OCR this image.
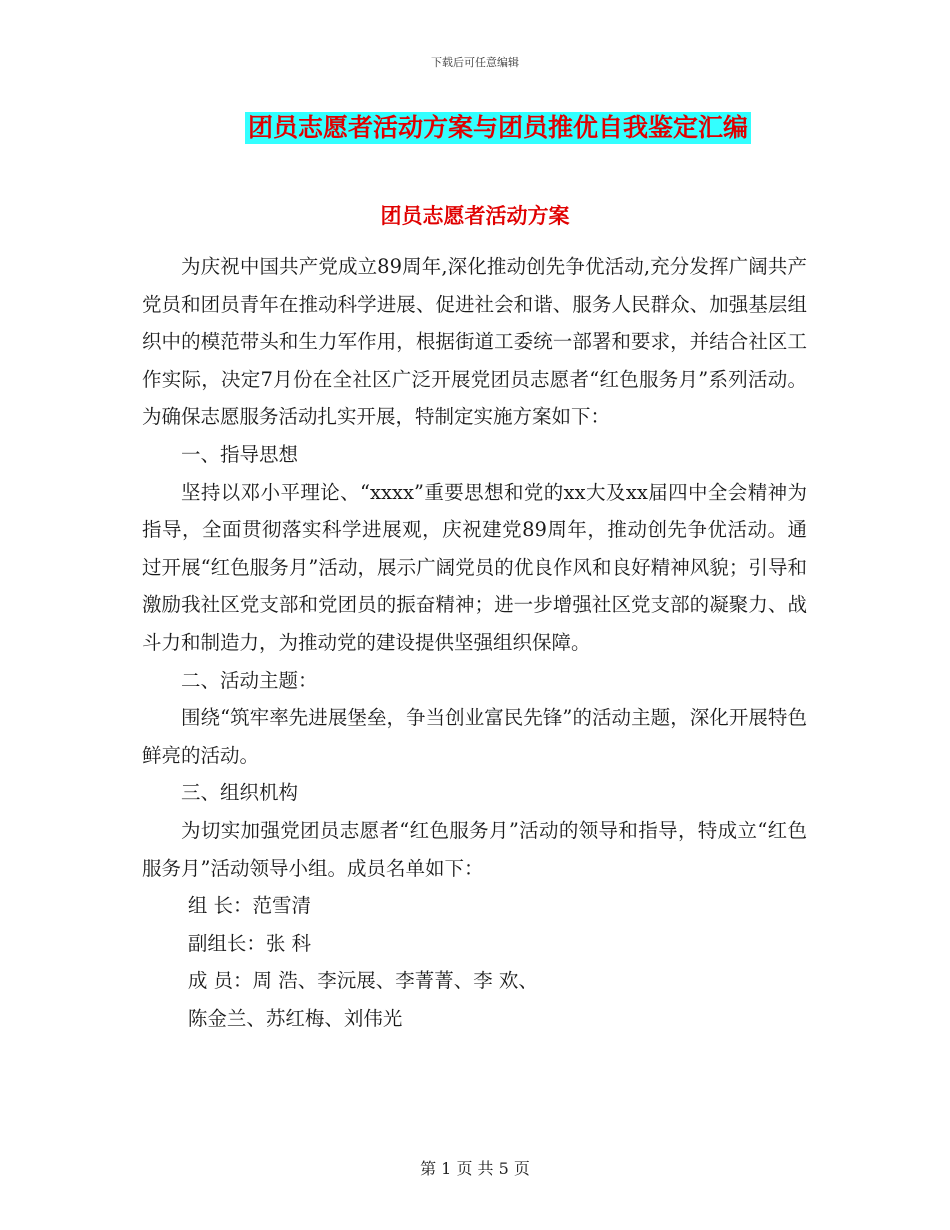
下载后可任意编辑
团员志愿者活动方案与团员推优自我鉴定汇编
团员志愿者活动方案

为庆祝中国共产党成立89周年,深化推动创先争优活动,充分发挥广阔共产党员和团员青年在推动科学进展、促进社会和谐、服务人民群众、加强基层组织中的模范带头和生力军作用，根据街道工委统一部署和要求，并结合社区工作实际，决定7月份在全社区广泛开展党团员志愿者“红色服务月”系列活动。为确保志愿服务活动扎实开展，特制定实施方案如下：

一、指导思想

坚持以邓小平理论、“xxxx”重要思想和党的xx大及xx届四中全会精神为指导，全面贯彻落实科学进展观，庆祝建党89周年，推动创先争优活动。通过开展“红色服务月”活动，展示广阔党员的优良作风和良好精神风貌；引导和激励我社区党支部和党团员的振奋精神；进一步增强社区党支部的凝聚力、战斗力和制造力，为推动党的建设提供坚强组织保障。

二、活动主题：

围绕“筑牢率先进展堡垒，争当创业富民先锋”的活动主题，深化开展特色鲜亮的活动。

三、组织机构

为切实加强党团员志愿者“红色服务月”活动的领导和指导，特成立“红色服务月”活动领导小组。成员名单如下：

组 长：范雪清

副组长：张 科

成 员：周 浩、李沅展、李菁菁、李 欢、

陈金兰、苏红梅、刘伟光

第 1 页 共 5 页
